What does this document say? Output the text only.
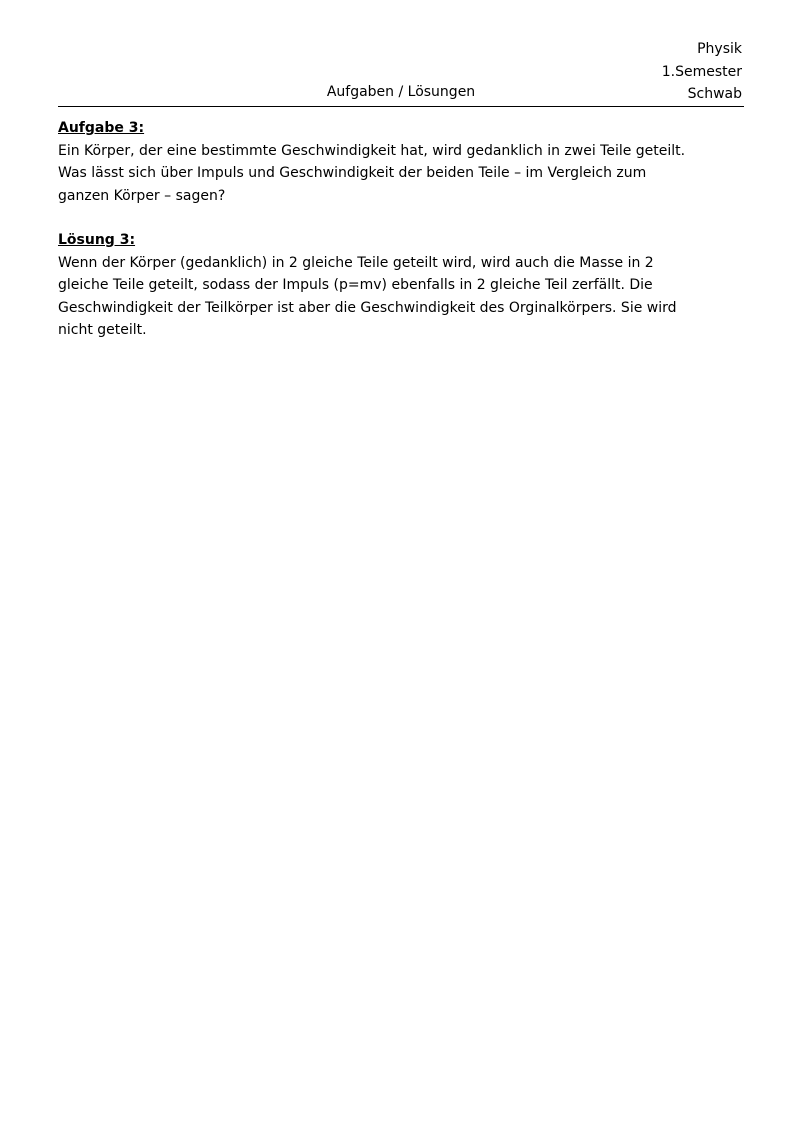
Aufgaben / Lösungen
Physik
1.Semester
Schwab
Aufgabe 3:
Ein Körper, der eine bestimmte Geschwindigkeit hat, wird gedanklich in zwei Teile geteilt.
Was lässt sich über Impuls und Geschwindigkeit der beiden Teile – im Vergleich zum
ganzen Körper – sagen?
Lösung 3:
Wenn der Körper (gedanklich) in 2 gleiche Teile geteilt wird, wird auch die Masse in 2
gleiche Teile geteilt, sodass der Impuls (p=mv) ebenfalls in 2 gleiche Teil zerfällt. Die
Geschwindigkeit der Teilkörper ist aber die Geschwindigkeit des Orginalkörpers. Sie wird
nicht geteilt.
